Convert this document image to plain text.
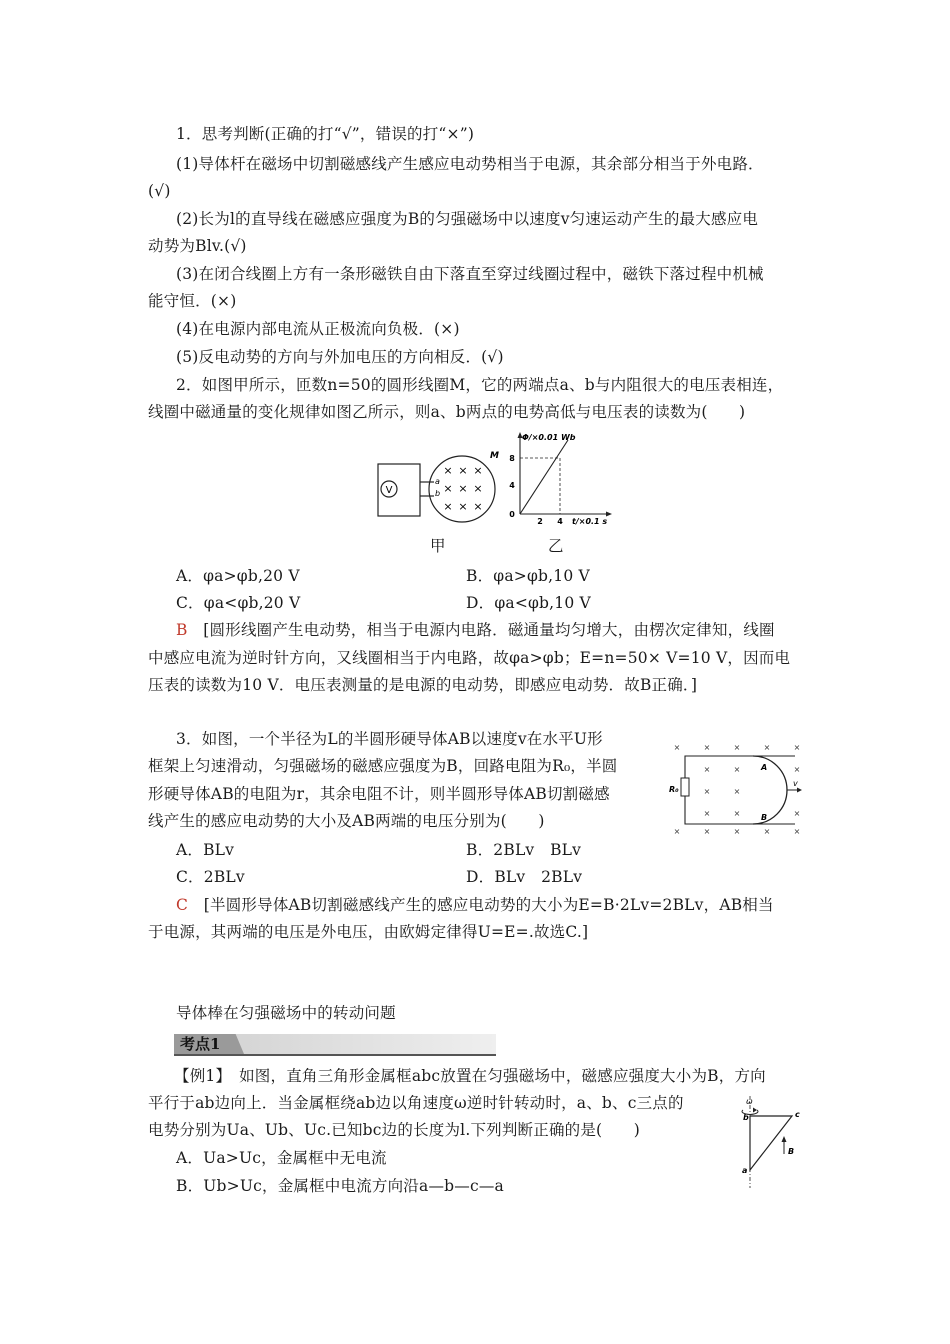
1．思考判断(正确的打“√”，错误的打“×”)
(1)导体杆在磁场中切割磁感线产生感应电动势相当于电源，其余部分相当于外电路．
(√)
(2)长为l的直导线在磁感应强度为B的匀强磁场中以速度v匀速运动产生的最大感应电
动势为Blv.(√)
(3)在闭合线圈上方有一条形磁铁自由下落直至穿过线圈过程中，磁铁下落过程中机械
能守恒．(×)
(4)在电源内部电流从正极流向负极．(×)
(5)反电动势的方向与外加电压的方向相反．(√)
2．如图甲所示，匝数n=50的圆形线圈M，它的两端点a、b与内阻很大的电压表相连，
线圈中磁通量的变化规律如图乙所示，则a、b两点的电势高低与电压表的读数为(　　)
V
× × ×
× × ×
× × ×
M
a
b
Φ/×0.01 Wb
8
4
0
2 4 t/×0.1 s
甲	乙
A．φa>φb,20 V	B．φa>φb,10 V
C．φa<φb,20 V	D．φa<φb,10 V
B　 [圆形线圈产生电动势，相当于电源内电路．磁通量均匀增大，由楞次定律知，线圈
中感应电流为逆时针方向，又线圈相当于内电路，故φa>φb；E=n=50× V=10 V，因而电
压表的读数为10 V．电压表测量的是电源的电动势，即感应电动势．故B正确．]
3．如图，一个半径为L的半圆形硬导体AB以速度v在水平U形
框架上匀速滑动，匀强磁场的磁感应强度为B，回路电阻为R₀，半圆
形硬导体AB的电阻为r，其余电阻不计，则半圆形导体AB切割磁感
线产生的感应电动势的大小及AB两端的电压分别为(　　)
×	×	×	×	×
×	×	×
×	×
×	×	×
×	×	×	×	×
R₀
A
B
v
A．BLv	B．2BLv　BLv
C．2BLv	D．BLv　2BLv
C　 [半圆形导体AB切割磁感线产生的感应电动势的大小为E=B·2Lv=2BLv，AB相当
于电源，其两端的电压是外电压，由欧姆定律得U=E=.故选C.]
导体棒在匀强磁场中的转动问题
考点1
【例1】　如图，直角三角形金属框abc放置在匀强磁场中，磁感应强度大小为B，方向
平行于ab边向上．当金属框绕ab边以角速度ω逆时针转动时，a、b、c三点的
电势分别为Ua、Ub、Uc.已知bc边的长度为l.下列判断正确的是(　　)
A．Ua>Uc，金属框中无电流
B．Ub>Uc，金属框中电流方向沿a—b—c—a
ω
b	c
a
B
